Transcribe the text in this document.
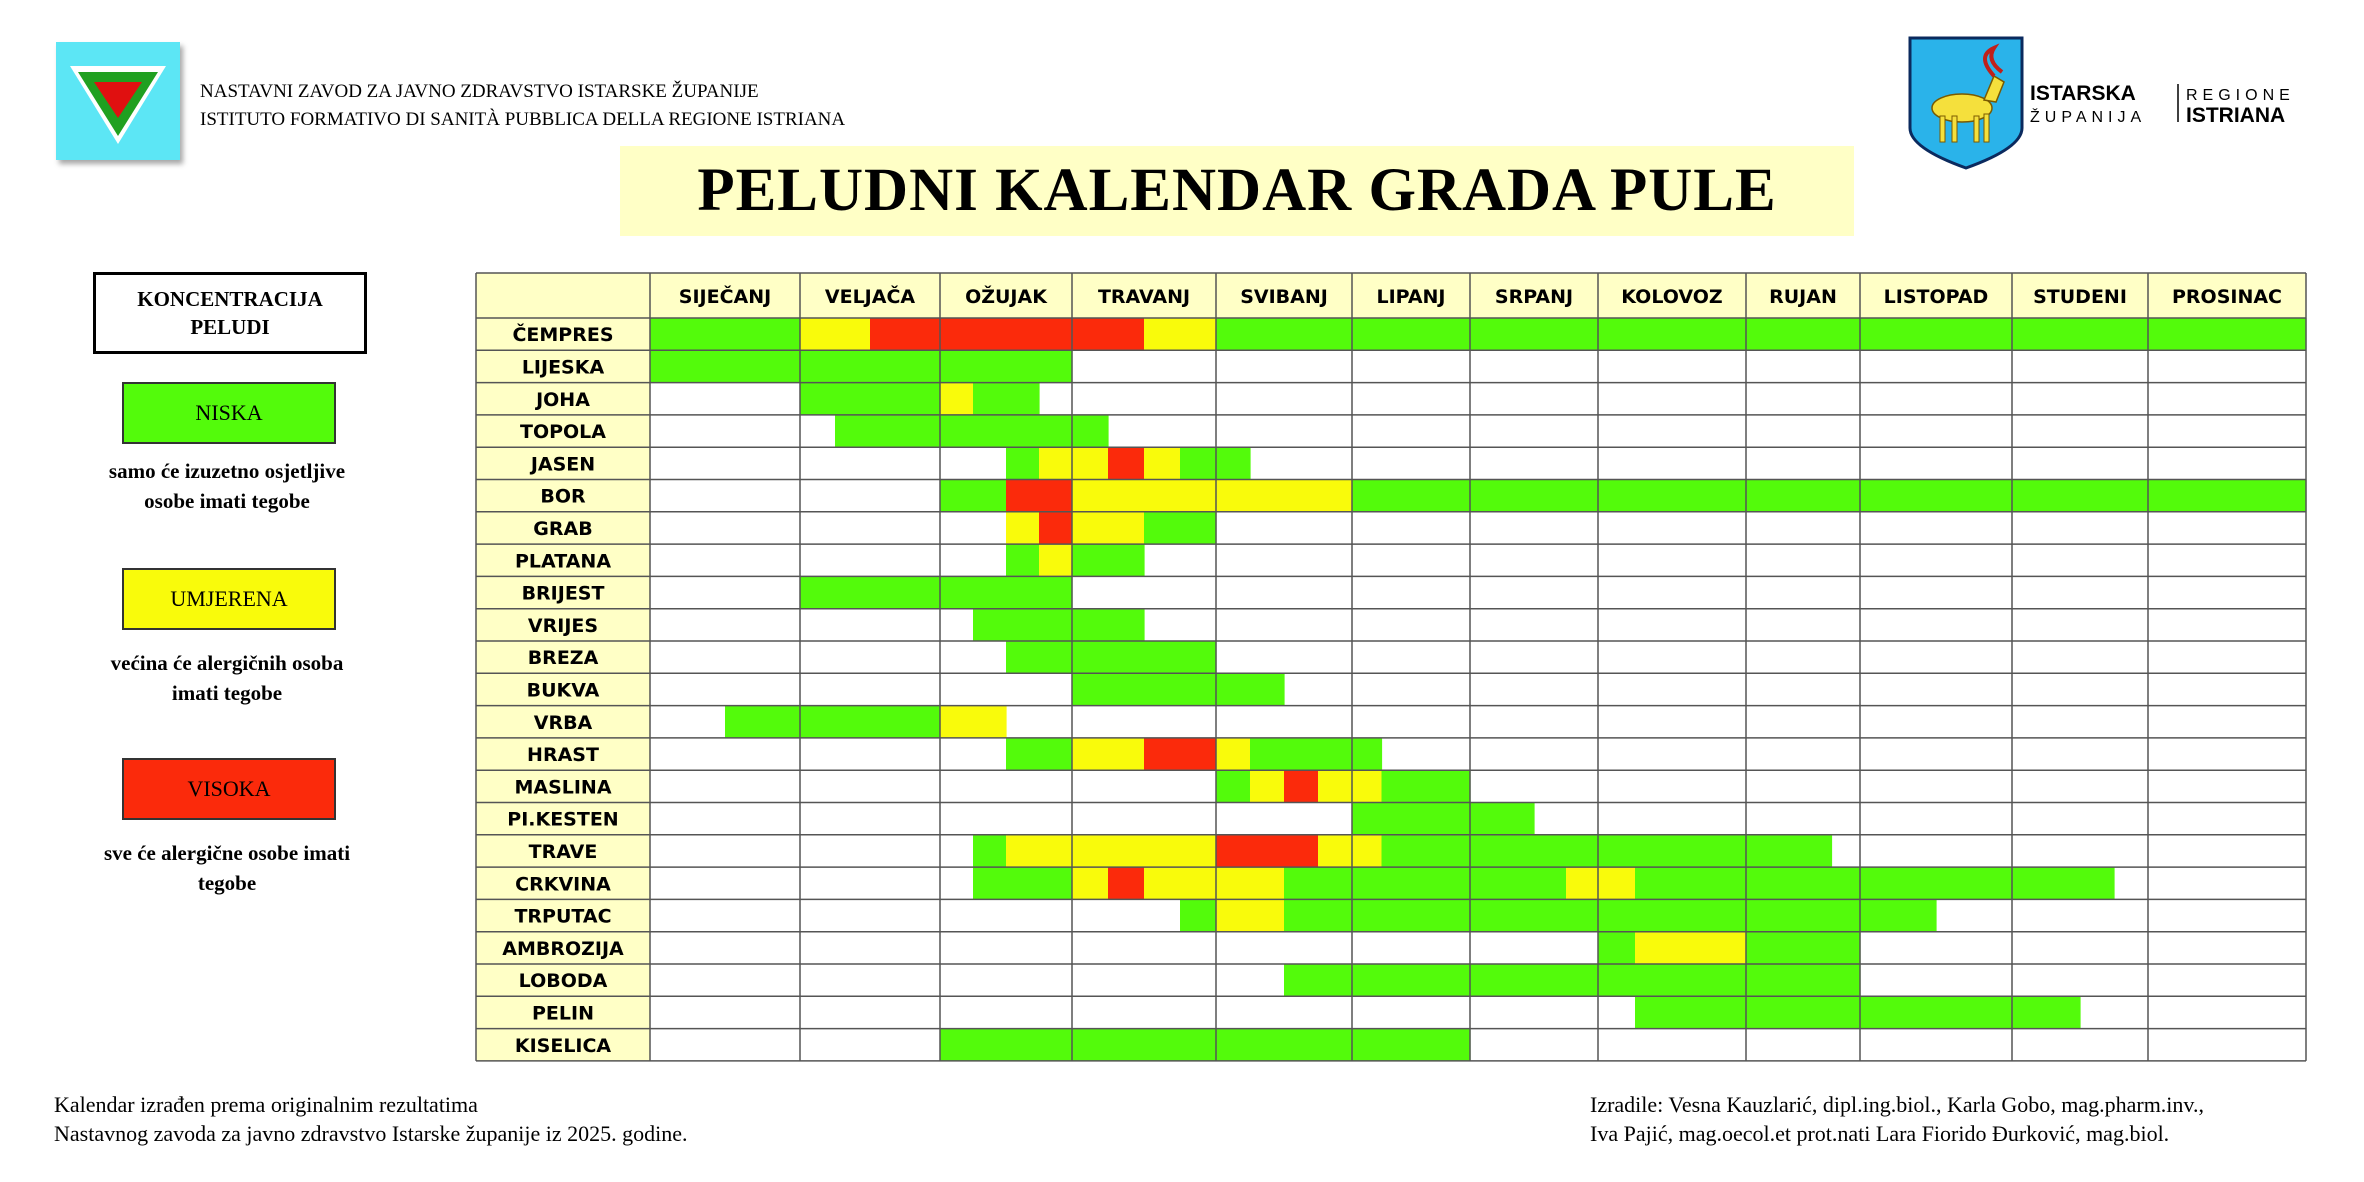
NASTAVNI ZAVOD ZA JAVNO ZDRAVSTVO ISTARSKE ŽUPANIJE
ISTITUTO FORMATIVO DI SANITÀ PUBBLICA DELLA REGIONE ISTRIANA
PELUDNI KALENDAR GRADA PULE
ISTARSKA
ŽUPANIJA
REGIONE
ISTRIANA
KONCENTRACIJA
PELUDI
NISKA
samo će izuzetno osjetljive
osobe imati tegobe
UMJERENA
većina će alergičnih osoba
imati tegobe
VISOKA
sve će alergične osobe imati
tegobe
SIJEČANJ	VELJAČA	OŽUJAK	TRAVANJ	SVIBANJ	LIPANJ	SRPANJ	KOLOVOZ RUJAN LISTOPAD STUDENI PROSINAC
ČEMPRES
LIJESKA
JOHA
TOPOLA
JASEN
BOR
GRAB
PLATANA
BRIJEST
VRIJES
BREZA
BUKVA
VRBA
HRAST
MASLINA
PI.KESTEN
TRAVE
CRKVINA
TRPUTAC
AMBROZIJA
LOBODA
PELIN
KISELICA
Kalendar izrađen prema originalnim rezultatima
Nastavnog zavoda za javno zdravstvo Istarske županije iz 2025. godine.
Izradile: Vesna Kauzlarić, dipl.ing.biol., Karla Gobo, mag.pharm.inv.,
Iva Pajić, mag.oecol.et prot.nati Lara Fiorido Đurković, mag.biol.
